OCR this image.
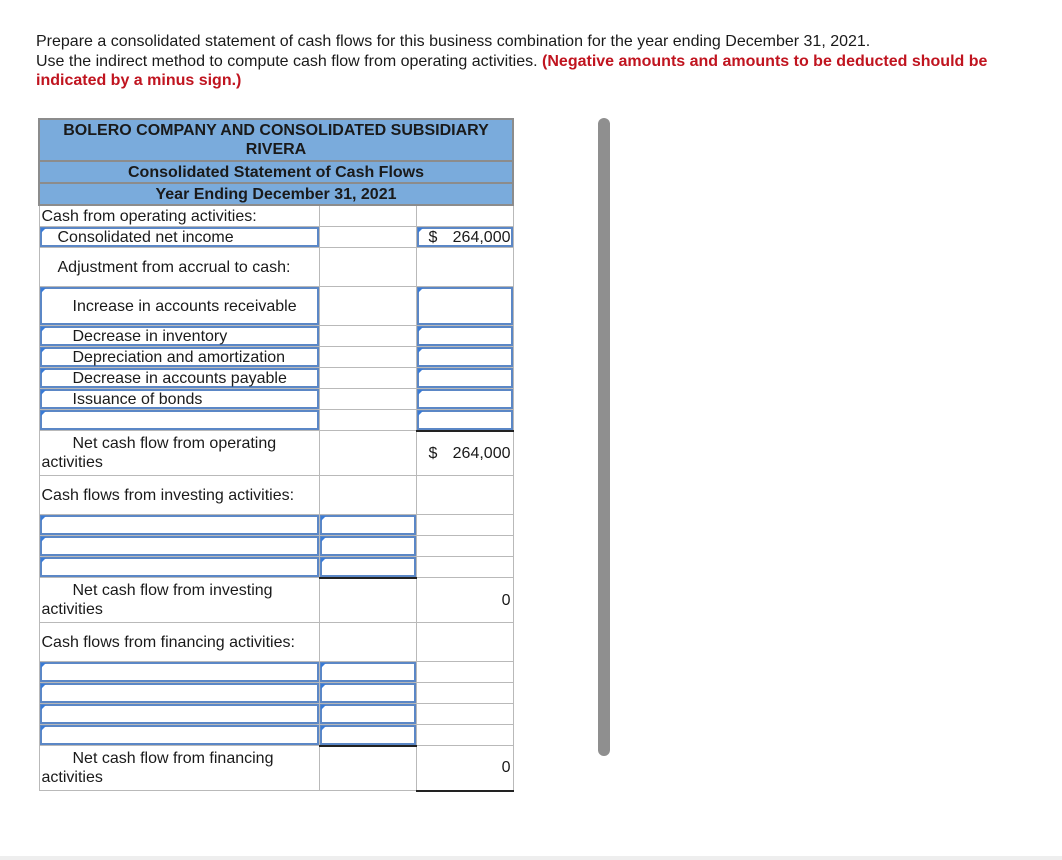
Prepare a consolidated statement of cash flows for this business combination for the year ending December 31, 2021.
Use the indirect method to compute cash flow from operating activities. (Negative amounts and amounts to be deducted should be indicated by a minus sign.)
BOLERO COMPANY AND CONSOLIDATED SUBSIDIARY RIVERA		
Consolidated Statement of Cash Flows		
Year Ending December 31, 2021		
Cash from operating activities:		
Consolidated net income		$ 264,000
Adjustment from accrual to cash:		
Increase in accounts receivable		
Decrease in inventory		
Depreciation and amortization		
Decrease in accounts payable		
Issuance of bonds		

Net cash flow from operating activities		$ 264,000
Cash flows from investing activities:		

Net cash flow from investing activities		0
Cash flows from financing activities:		

Net cash flow from financing activities		0
